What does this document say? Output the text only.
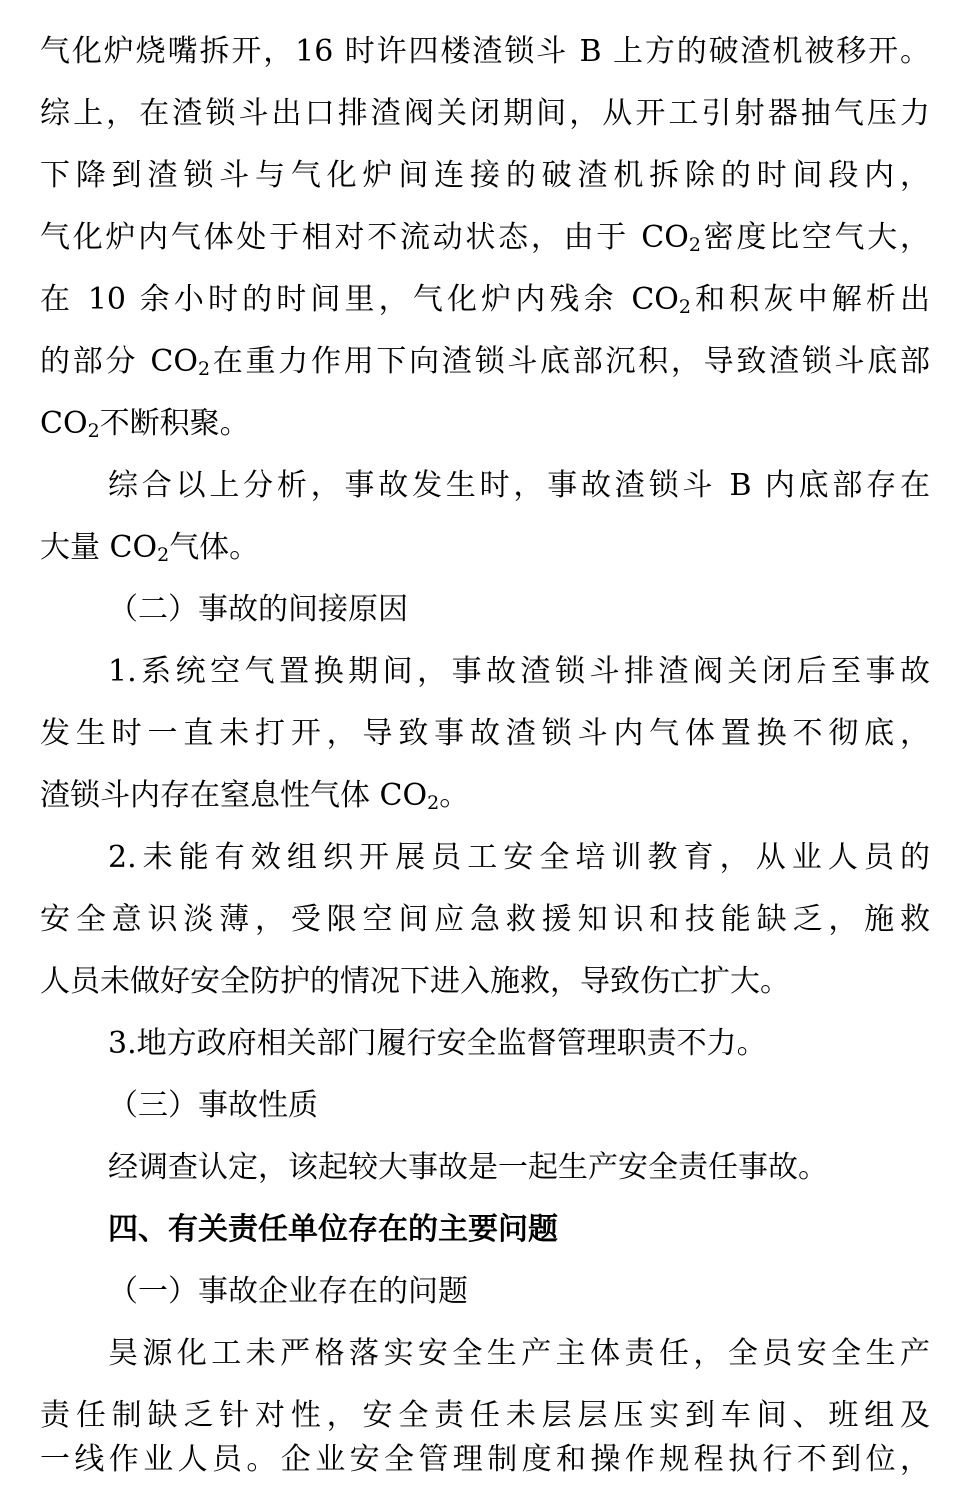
气化炉烧嘴拆开，16 时许四楼渣锁斗 B 上方的破渣机被移开。
综上，在渣锁斗出口排渣阀关闭期间，从开工引射器抽气压力
下降到渣锁斗与气化炉间连接的破渣机拆除的时间段内，
气化炉内气体处于相对不流动状态，由于 $CO_2$密度比空气大，
在 10 余小时的时间里，气化炉内残余 $CO_2$和积灰中解析出
的部分 $CO_2$在重力作用下向渣锁斗底部沉积，导致渣锁斗底部
$CO_2$不断积聚。
综合以上分析，事故发生时，事故渣锁斗 B 内底部存在
大量 $CO_2$气体。
（二）事故的间接原因
1.系统空气置换期间，事故渣锁斗排渣阀关闭后至事故
发生时一直未打开，导致事故渣锁斗内气体置换不彻底，
渣锁斗内存在窒息性气体 $CO_2$。
2.未能有效组织开展员工安全培训教育，从业人员的
安全意识淡薄，受限空间应急救援知识和技能缺乏，施救
人员未做好安全防护的情况下进入施救，导致伤亡扩大。
3.地方政府相关部门履行安全监督管理职责不力。
（三）事故性质
经调查认定，该起较大事故是一起生产安全责任事故。
四、有关责任单位存在的主要问题
（一）事故企业存在的问题
昊源化工未严格落实安全生产主体责任，全员安全生产
责任制缺乏针对性，安全责任未层层压实到车间、班组及
一线作业人员。企业安全管理制度和操作规程执行不到位，
